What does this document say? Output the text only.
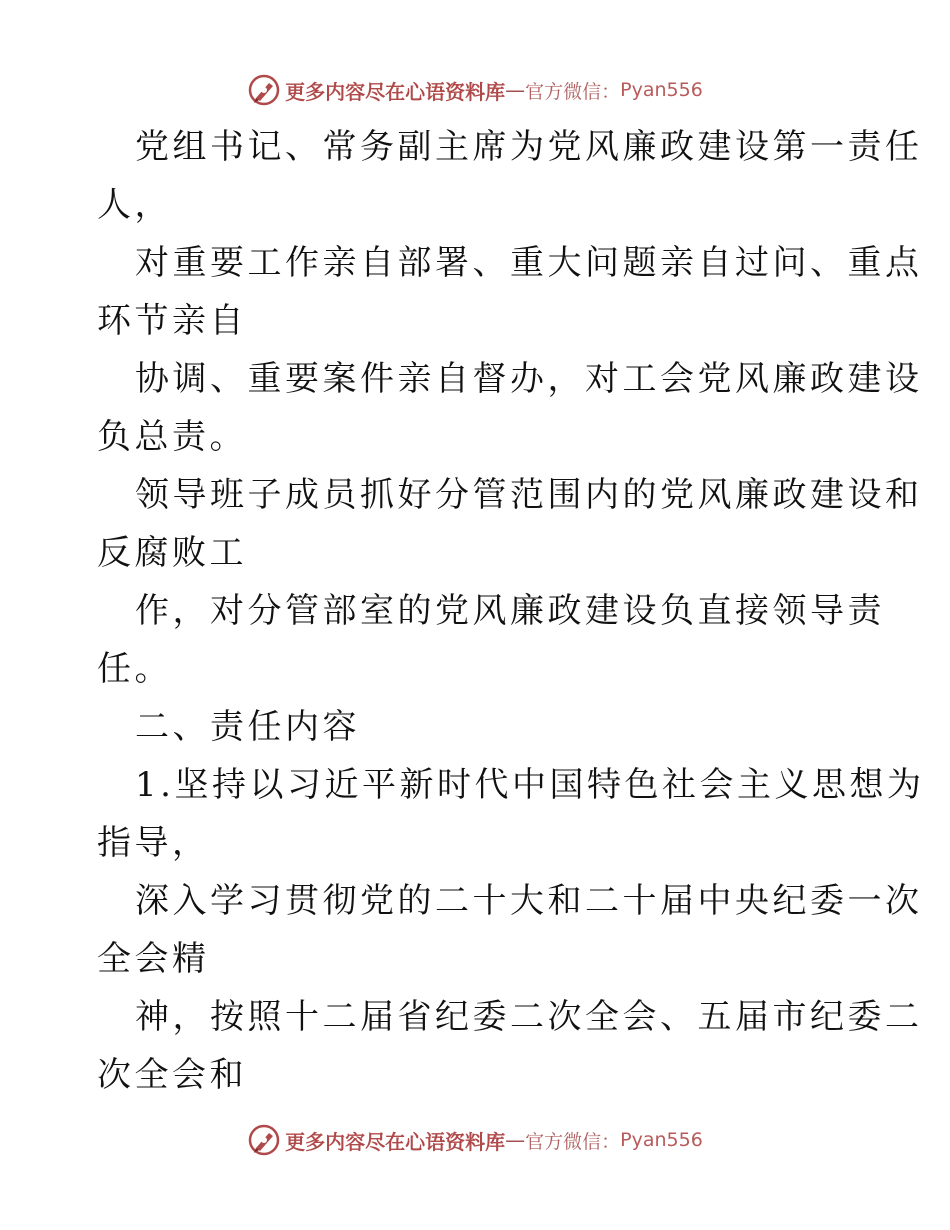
更多内容尽在心语资料库 — 官方微信： Pyan556
党组书记、常务副主席为党风廉政建设第一责任
人，
对重要工作亲自部署、重大问题亲自过问、重点
环节亲自
协调、重要案件亲自督办，对工会党风廉政建设
负总责。
领导班子成员抓好分管范围内的党风廉政建设和
反腐败工
作，对分管部室的党风廉政建设负直接领导责
任。
二、责任内容
1.坚持以习近平新时代中国特色社会主义思想为
指导，
深入学习贯彻党的二十大和二十届中央纪委一次
全会精
神，按照十二届省纪委二次全会、五届市纪委二
次全会和
更多内容尽在心语资料库 — 官方微信： Pyan556
